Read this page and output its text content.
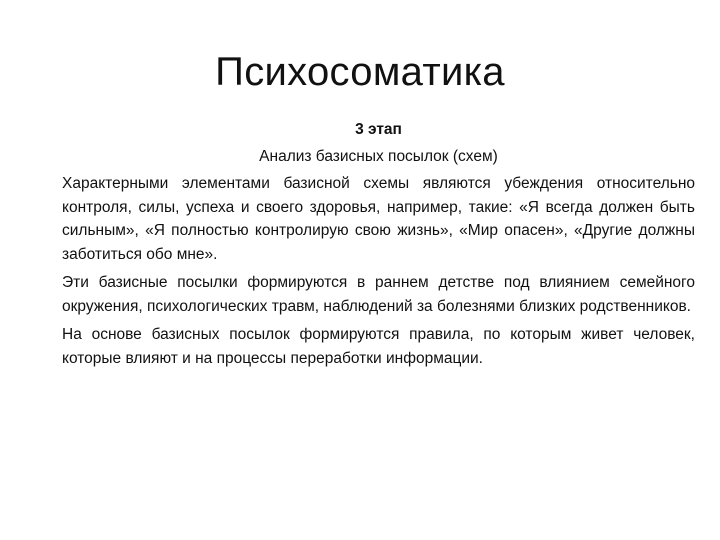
Психосоматика

3 этап

Анализ базисных посылок (схем)

Характерными элементами базисной схемы являются убеждения относительно контроля, силы, успеха и своего здоровья, например, такие: «Я всегда должен быть сильным», «Я полностью контролирую свою жизнь», «Мир опасен», «Другие должны заботиться обо мне».

Эти базисные посылки формируются в раннем детстве под влиянием семейного окружения, психологических травм, наблюдений за болезнями близких родственников.

На основе базисных посылок формируются правила, по которым живет человек, которые влияют и на процессы переработки информации.
